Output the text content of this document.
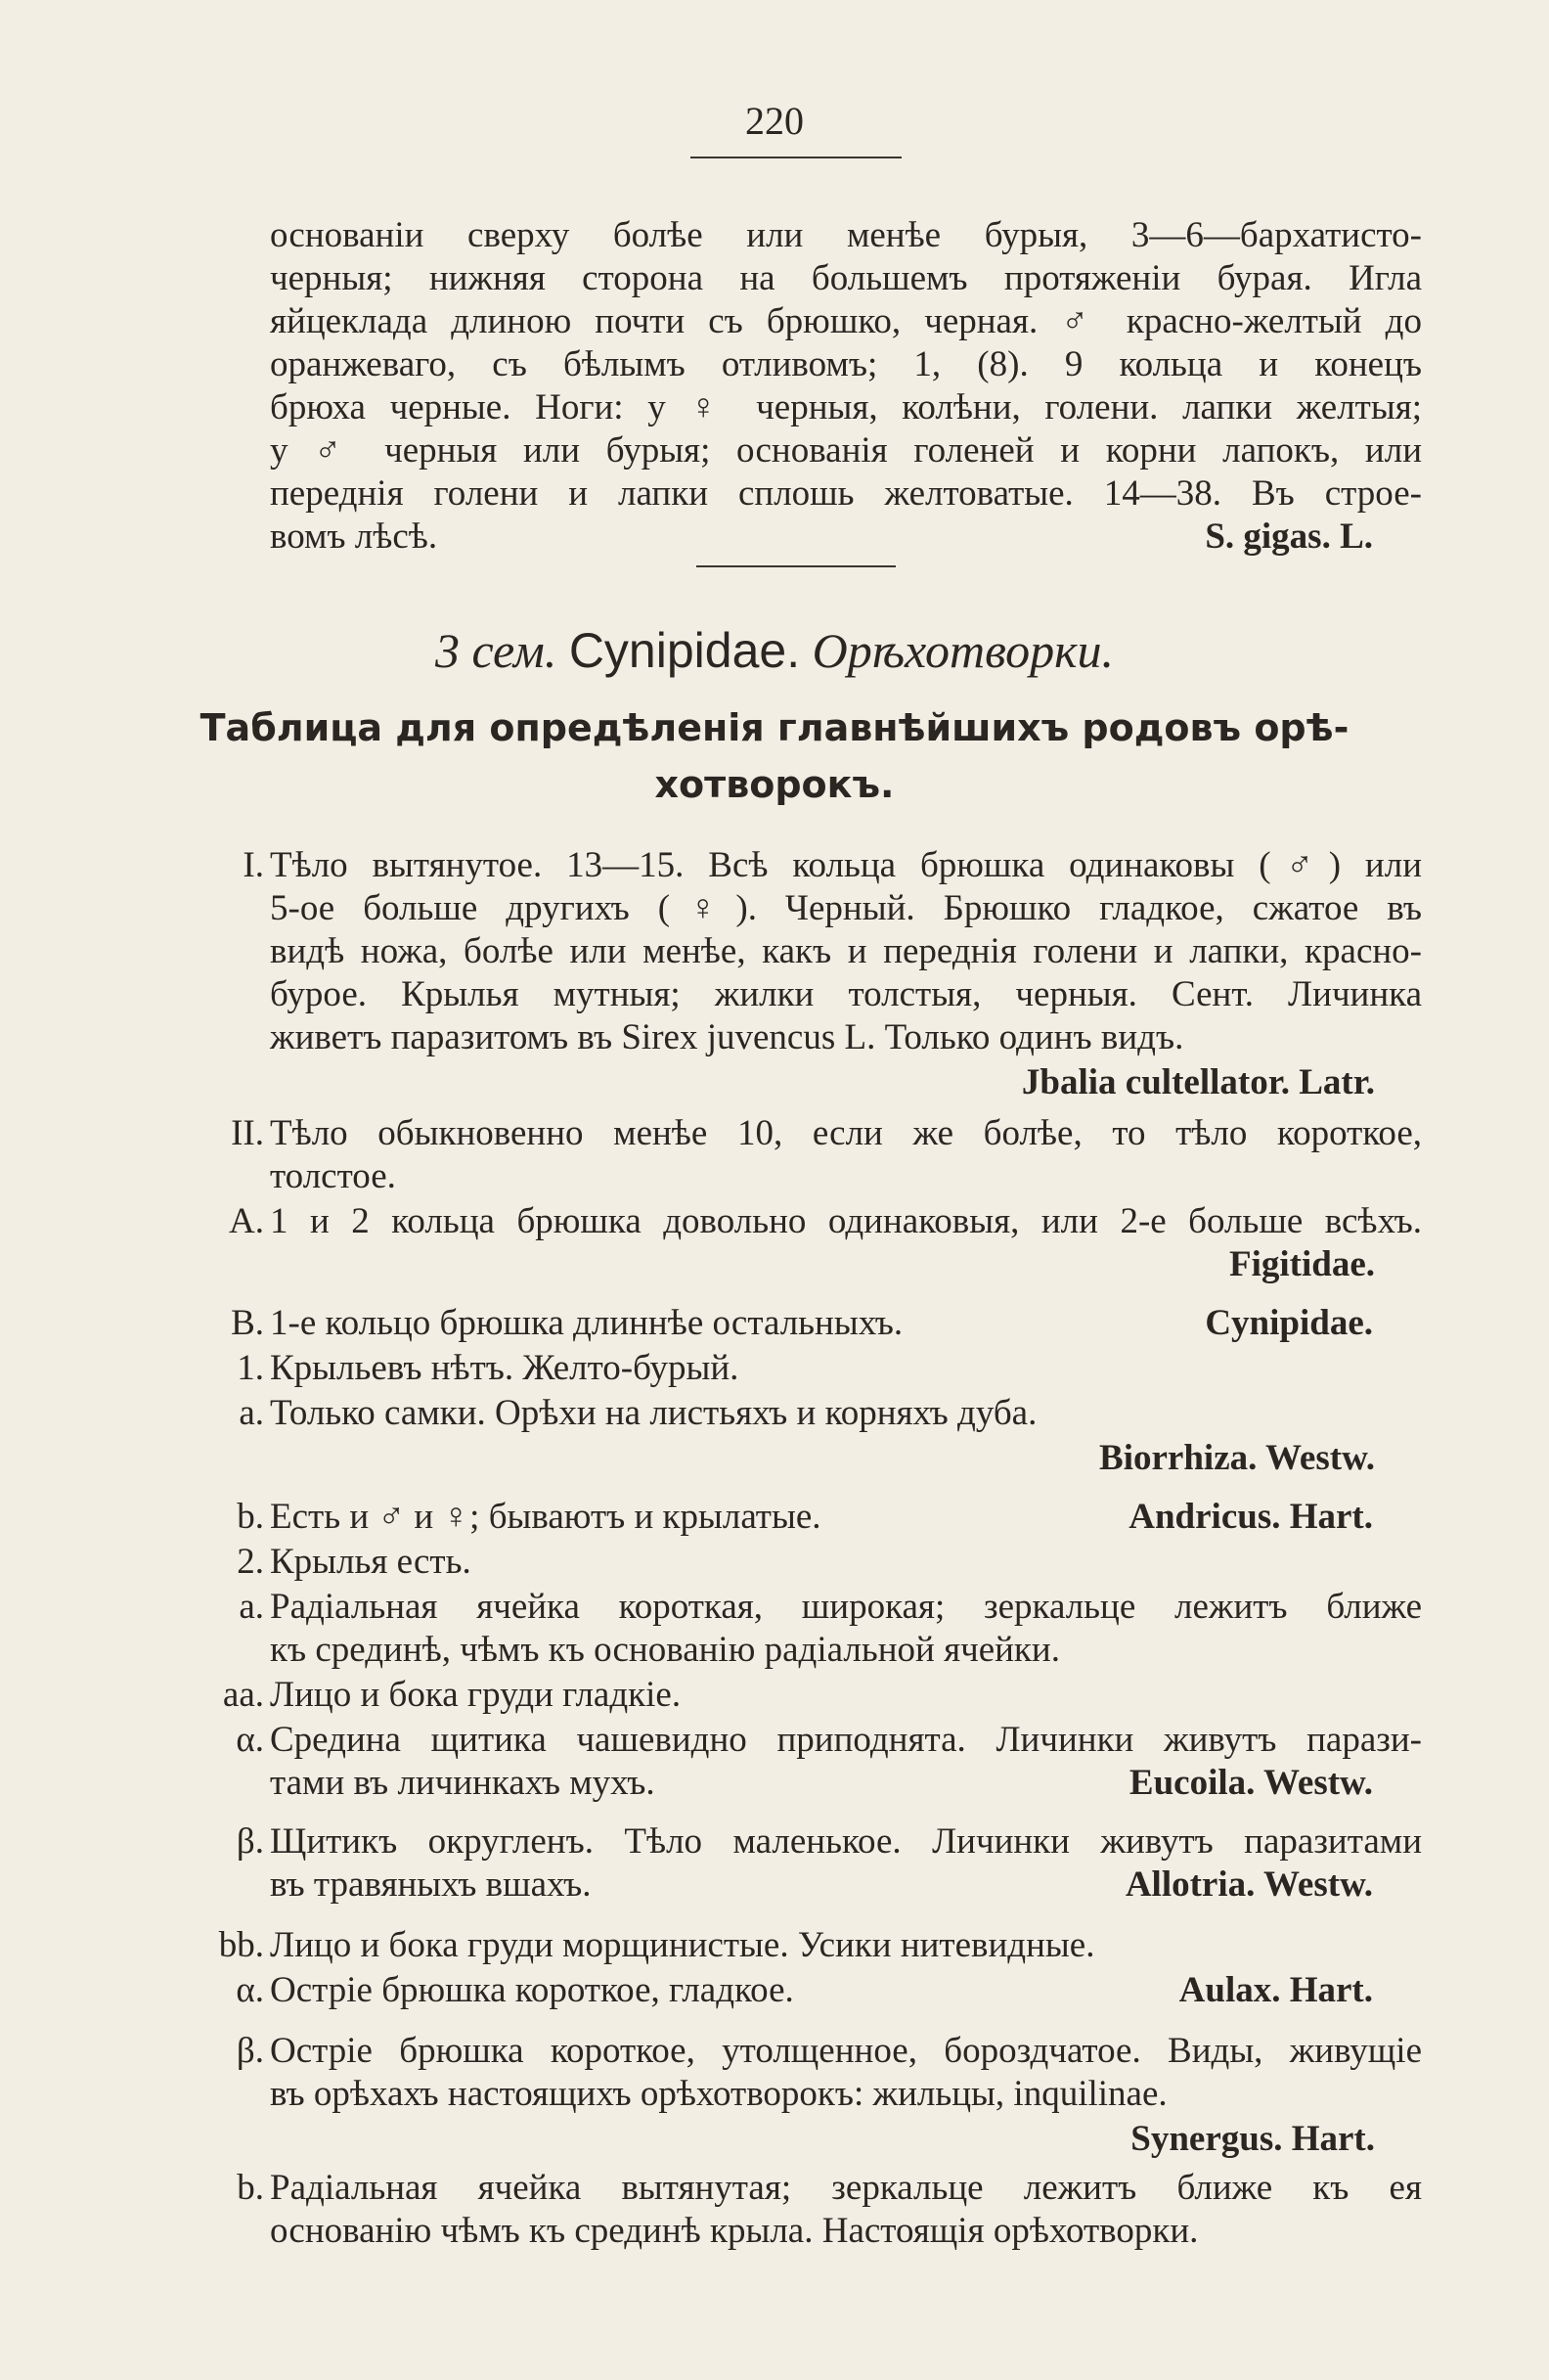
220
основанiи сверху болѣе или менѣе бурыя, 3—6—бархатисто-
черныя; нижняя сторона на большемъ протяженiи бурая. Игла
яйцеклада длиною почти съ брюшко, черная. ♂ красно-желтый до
оранжеваго, съ бѣлымъ отливомъ; 1, (8). 9 кольца и конецъ
брюха черные. Ноги: у ♀ черныя, колѣни, голени. лапки желтыя;
у ♂ черныя или бурыя; основанiя голеней и корни лапокъ, или
переднiя голени и лапки сплошь желтоватые. 14—38. Въ строе-
вомъ лѣсѣ.	S. gigas. L.
3 сем. Cynipidae. Орѣхотворки.
Таблица для опредѣленiя главнѣйшихъ родовъ орѣ-
хотворокъ.
I. Тѣло вытянутое. 13—15. Всѣ кольца брюшка одинаковы (♂) или
5-ое больше другихъ (♀). Черный. Брюшко гладкое, сжатое въ
видѣ ножа, болѣе или менѣе, какъ и переднiя голени и лапки, красно-
бурое. Крылья мутныя; жилки толстыя, черныя. Сент. Личинка
живетъ паразитомъ въ Sirex juvencus L. Только одинъ видъ.
Jbalia cultellator. Latr.
II. Тѣло обыкновенно менѣе 10, если же болѣе, то тѣло короткое,
толстое.
A. 1 и 2 кольца брюшка довольно одинаковыя, или 2-е больше всѣхъ.
Figitidae.
B. 1-е кольцо брюшка длиннѣе остальныхъ.	Cynipidae.
1. Крыльевъ нѣтъ. Желто-бурый.
a. Только самки. Орѣхи на листьяхъ и корняхъ дуба.
Biorrhiza. Westw.
b. Есть и ♂ и ♀; бываютъ и крылатые.	Andricus. Hart.
2. Крылья есть.
a. Радiальная ячейка короткая, широкая; зеркальце лежитъ ближе
къ срединѣ, чѣмъ къ основанiю радiальной ячейки.
aa. Лицо и бока груди гладкiе.
α. Средина щитика чашевидно приподнята. Личинки живутъ парази-
тами въ личинкахъ мухъ.	Eucoila. Westw.
β. Щитикъ округленъ. Тѣло маленькое. Личинки живутъ паразитами
въ травяныхъ вшахъ.	Allotria. Westw.
bb. Лицо и бока груди морщинистые. Усики нитевидные.
α. Острiе брюшка короткое, гладкое.	Aulax. Hart.
β. Острiе брюшка короткое, утолщенное, бороздчатое. Виды, живущiе
въ орѣхахъ настоящихъ орѣхотворокъ: жильцы, inquilinae.
Synergus. Hart.
b. Радiальная ячейка вытянутая; зеркальце лежитъ ближе къ ея
основанiю чѣмъ къ срединѣ крыла. Настоящiя орѣхотворки.
